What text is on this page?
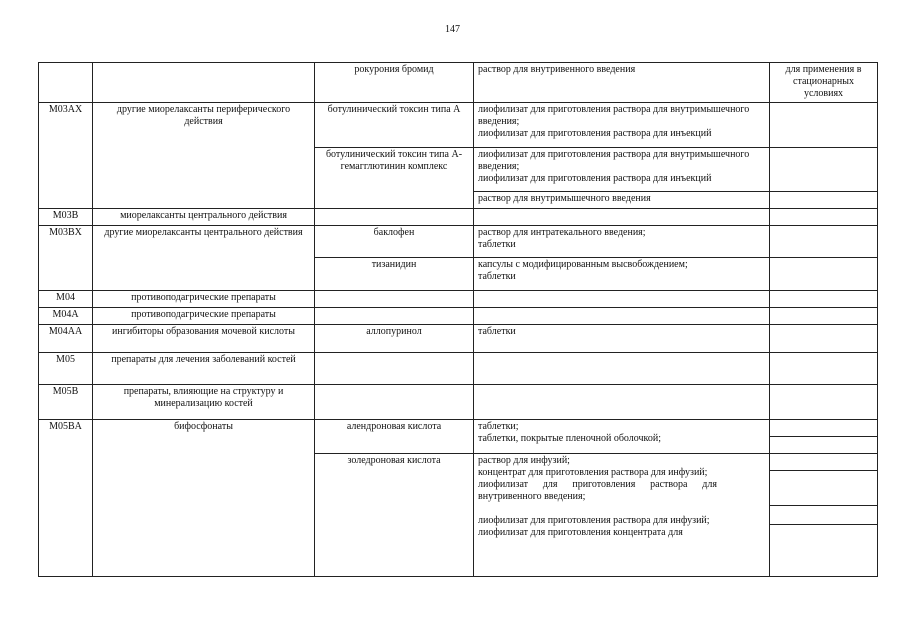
147
		рокурония бромид	раствор для внутривенного введения	для применения в стационарных условиях
M03AX	другие миорелаксанты периферического действия	ботулинический токсин типа А	лиофилизат для приготовления раствора для внутримышечного введения;
лиофилизат для приготовления раствора для инъекций	

		ботулинический токсин типа А-гемагглютинин комплекс	лиофилизат для приготовления раствора для внутримышечного введения;
лиофилизат для приготовления раствора для инъекций	

			раствор для внутримышечного введения	

M03B	миорелаксанты центрального действия			
M03BX	другие миорелаксанты центрального действия	баклофен	раствор для интратекального введения;
таблетки	

		тизанидин	капсулы с модифицированным высвобождением;
таблетки	

M04	противоподагрические препараты			
M04A	противоподагрические препараты			
M04AA	ингибиторы образования мочевой кислоты	аллопуринол	таблетки	

M05	препараты для лечения заболеваний костей			
M05B	препараты, влияющие на структуру и минерализацию костей			
M05BA	бифосфонаты	алендроновая кислота	таблетки;
таблетки, покрытые пленочной оболочкой;	

		золедроновая кислота	раствор для инфузий;
концентрат для приготовления раствора для инфузий;
лиофилизат для приготовления раствора для внутривенного введения;
лиофилизат для приготовления раствора для инфузий;
лиофилизат для приготовления концентрата для	
